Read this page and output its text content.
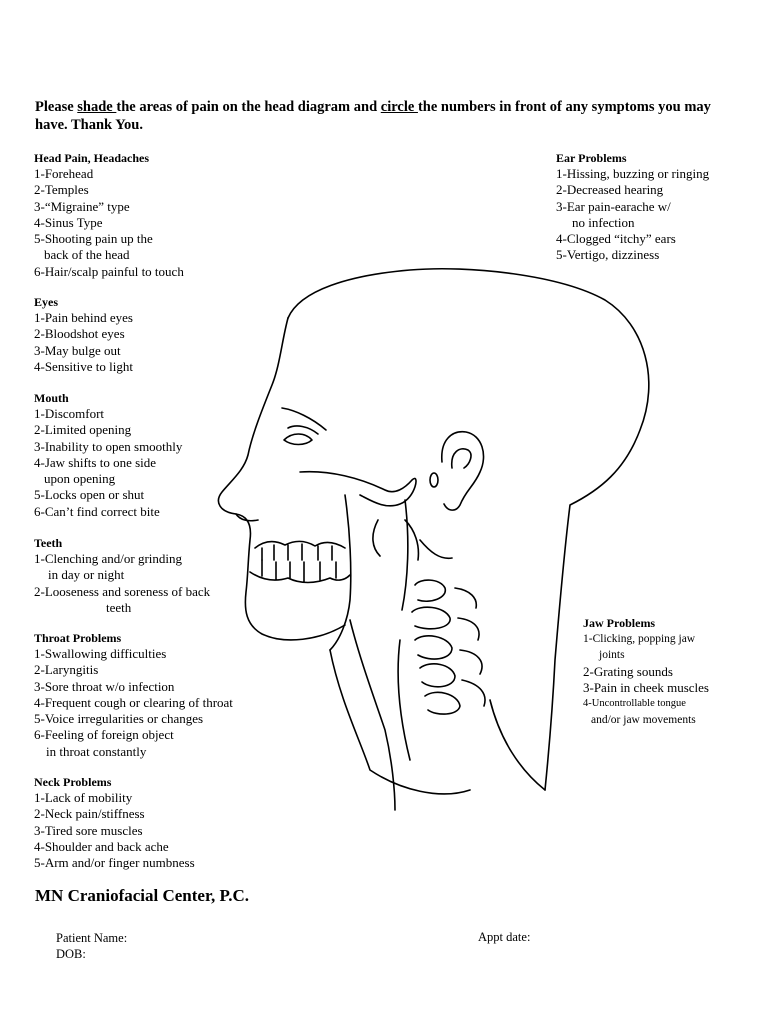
Please shade the areas of pain on the head diagram and circle the numbers in front of any symptoms you may have. Thank You.
Head Pain, Headaches
1-Forehead
2-Temples
3-“Migraine” type
4-Sinus Type
5-Shooting pain up the
back of the head
6-Hair/scalp painful to touch
Ear Problems
1-Hissing, buzzing or ringing
2-Decreased hearing
3-Ear pain-earache w/
no infection
4-Clogged “itchy” ears
5-Vertigo, dizziness
Eyes
1-Pain behind eyes
2-Bloodshot eyes
3-May bulge out
4-Sensitive to light
Mouth
1-Discomfort
2-Limited opening
3-Inability to open smoothly
4-Jaw shifts to one side
upon opening
5-Locks open or shut
6-Can’t find correct bite
Teeth
1-Clenching and/or grinding
in day or night
2-Looseness and soreness of back
teeth
Throat Problems
1-Swallowing difficulties
2-Laryngitis
3-Sore throat w/o infection
4-Frequent cough or clearing of throat
5-Voice irregularities or changes
6-Feeling of foreign object
in throat constantly
Neck Problems
1-Lack of mobility
2-Neck pain/stiffness
3-Tired sore muscles
4-Shoulder and back ache
5-Arm and/or finger numbness
Jaw Problems
1-Clicking, popping jaw
joints
2-Grating sounds
3-Pain in cheek muscles
4-Uncontrollable tongue
and/or jaw movements
MN Craniofacial Center, P.C.
Patient Name:
DOB:
Appt date:
